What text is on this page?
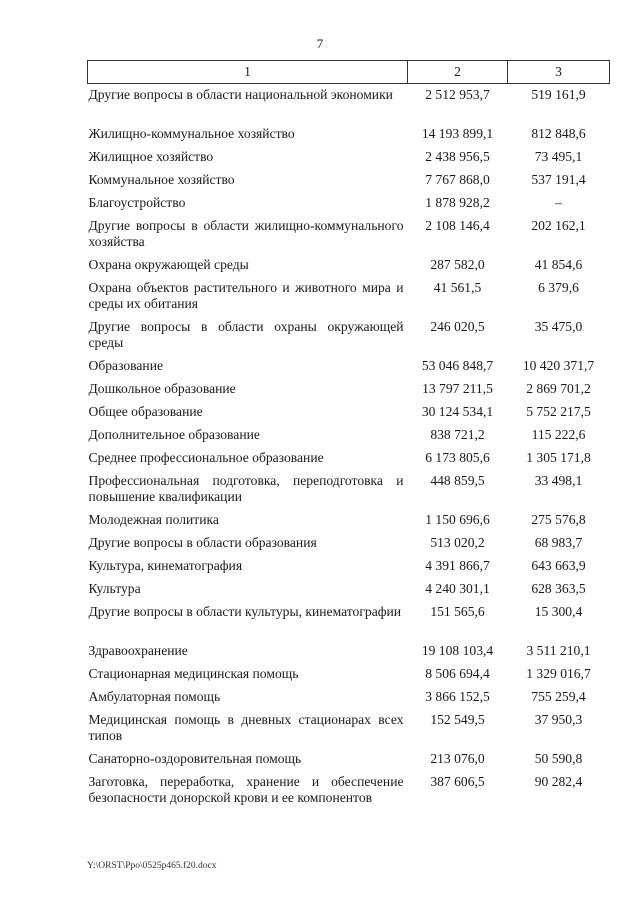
7
1	2	3
Другие вопросы в области национальной экономики	2 512 953,7	519 161,9
Жилищно-коммунальное хозяйство	14 193 899,1	812 848,6
Жилищное хозяйство	2 438 956,5	73 495,1
Коммунальное хозяйство	7 767 868,0	537 191,4
Благоустройство	1 878 928,2	–
Другие вопросы в области жилищно-коммунального хозяйства	2 108 146,4	202 162,1
Охрана окружающей среды	287 582,0	41 854,6
Охрана объектов растительного и животного мира и среды их обитания	41 561,5	6 379,6
Другие вопросы в области охраны окружающей среды	246 020,5	35 475,0
Образование	53 046 848,7	10 420 371,7
Дошкольное образование	13 797 211,5	2 869 701,2
Общее образование	30 124 534,1	5 752 217,5
Дополнительное образование	838 721,2	115 222,6
Среднее профессиональное образование	6 173 805,6	1 305 171,8
Профессиональная подготовка, переподготовка и повышение квалификации	448 859,5	33 498,1
Молодежная политика	1 150 696,6	275 576,8
Другие вопросы в области образования	513 020,2	68 983,7
Культура, кинематография	4 391 866,7	643 663,9
Культура	4 240 301,1	628 363,5
Другие вопросы в области культуры, кинематографии	151 565,6	15 300,4
Здравоохранение	19 108 103,4	3 511 210,1
Стационарная медицинская помощь	8 506 694,4	1 329 016,7
Амбулаторная помощь	3 866 152,5	755 259,4
Медицинская помощь в дневных стационарах всех типов	152 549,5	37 950,3
Санаторно-оздоровительная помощь	213 076,0	50 590,8
Заготовка, переработка, хранение и обеспечение безопасности донорской крови и ее компонентов	387 606,5	90 282,4
Y:\ORST\Ppo\0525p465.f20.docx
